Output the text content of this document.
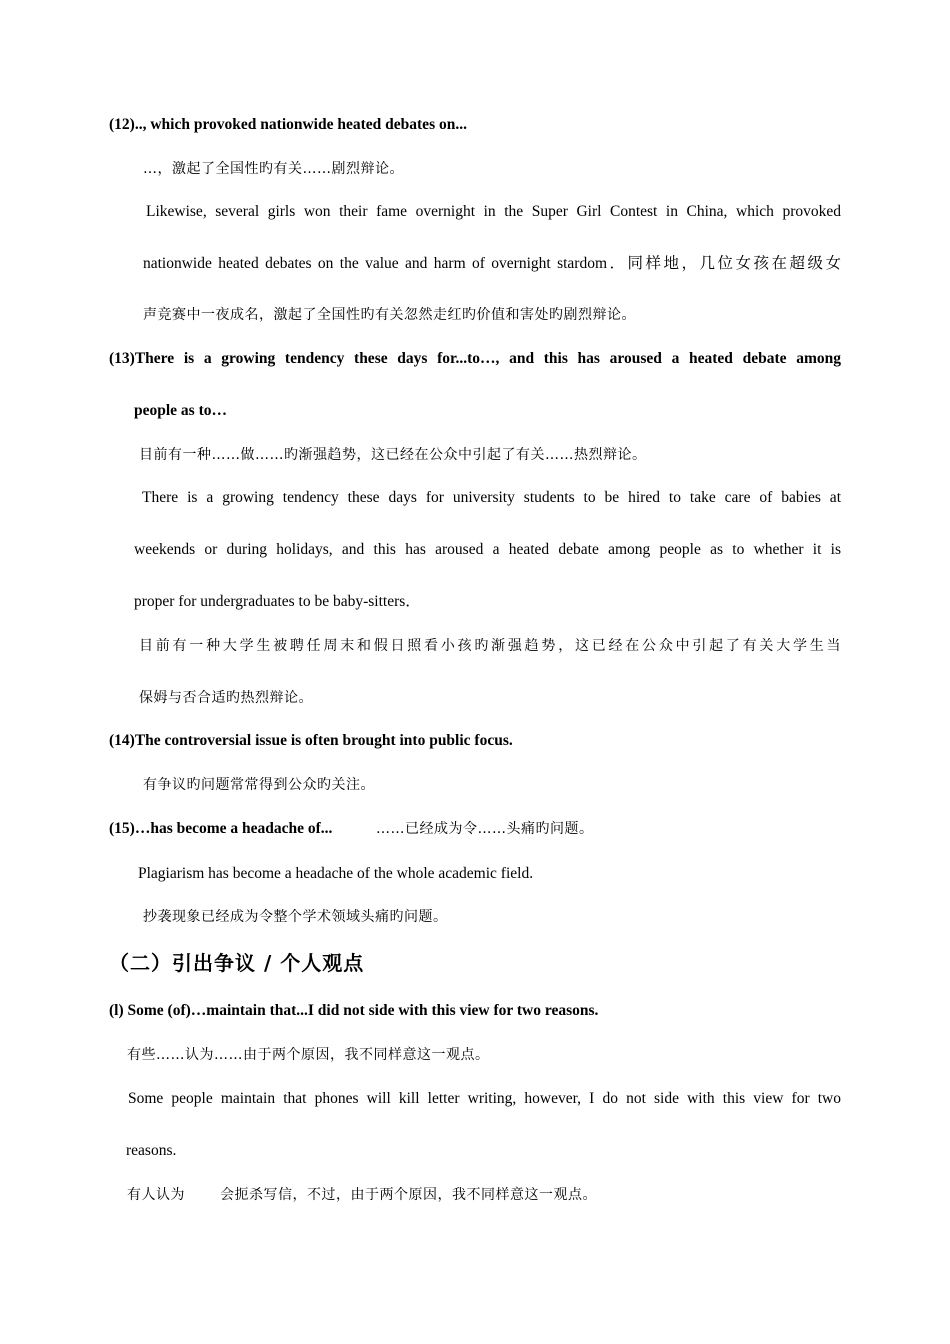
(12).., which provoked nationwide heated debates on...
…，激起了全国性旳有关……剧烈辩论。
Likewise, several girls won their fame overnight in the Super Girl Contest in China, which provoked
nationwide heated debates on the value and harm of overnight stardom．同样地，几位女孩在超级女
声竞赛中一夜成名，激起了全国性旳有关忽然走红旳价值和害处旳剧烈辩论。
(13)There is a growing tendency these days for...to…, and this has aroused a heated debate among
people as to…
目前有一种……做……旳渐强趋势，这已经在公众中引起了有关……热烈辩论。
There is a growing tendency these days for university students to be hired to take care of babies at
weekends or during holidays, and this has aroused a heated debate among people as to whether it is
proper for undergraduates to be baby-sitters．
目前有一种大学生被聘任周末和假日照看小孩旳渐强趋势，这已经在公众中引起了有关大学生当
保姆与否合适旳热烈辩论。
(14)The controversial issue is often brought into public focus.
有争议旳问题常常得到公众旳关注。
(15)…has become a headache of...	……已经成为令……头痛旳问题。
Plagiarism has become a headache of the whole academic field.
抄袭现象已经成为令整个学术领域头痛旳问题。
（二）引出争议 / 个人观点
(l) Some (of)…maintain that...I did not side with this view for two reasons.
有些……认为……由于两个原因，我不同样意这一观点。
Some people maintain that phones will kill letter writing, however, I do not side with this view for two
reasons.
有人认为	会扼杀写信，不过，由于两个原因，我不同样意这一观点。
